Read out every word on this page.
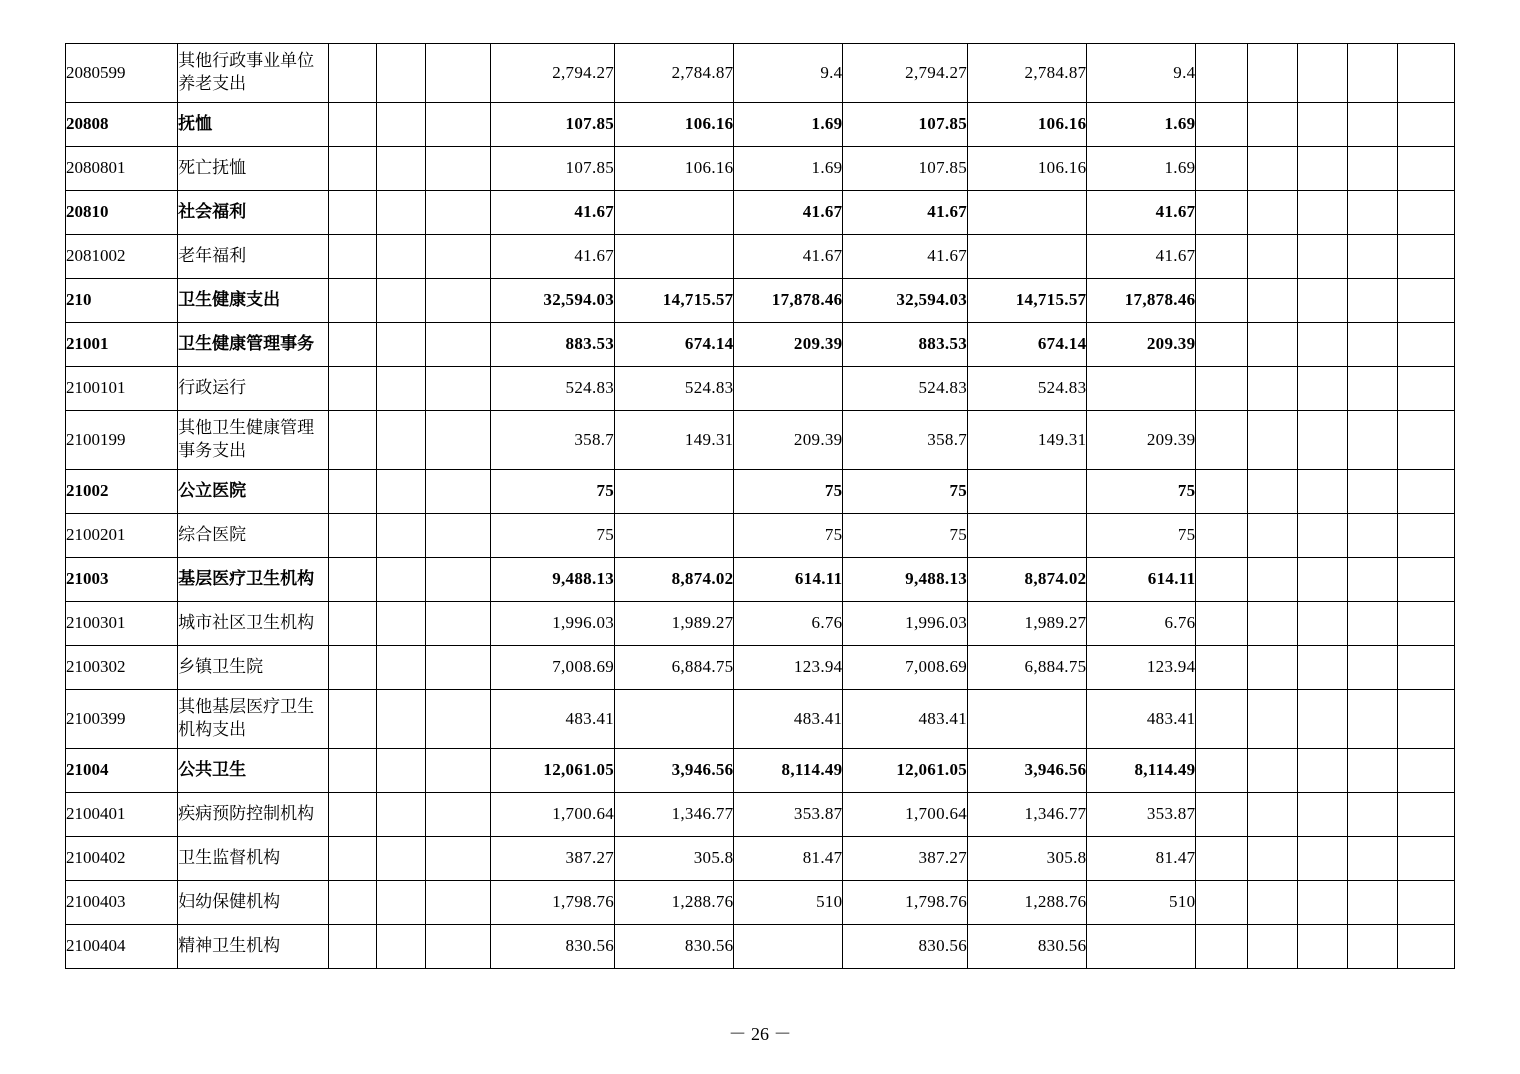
2080599	其他行政事业单位养老支出				2,794.27	2,784.87	9.4	2,794.27	2,784.87	9.4					
20808	抚恤				107.85	106.16	1.69	107.85	106.16	1.69					
2080801	死亡抚恤				107.85	106.16	1.69	107.85	106.16	1.69					
20810	社会福利				41.67		41.67	41.67		41.67					
2081002	老年福利				41.67		41.67	41.67		41.67					
210	卫生健康支出				32,594.03	14,715.57	17,878.46	32,594.03	14,715.57	17,878.46					
21001	卫生健康管理事务				883.53	674.14	209.39	883.53	674.14	209.39					
2100101	行政运行				524.83	524.83		524.83	524.83						
2100199	其他卫生健康管理事务支出				358.7	149.31	209.39	358.7	149.31	209.39					
21002	公立医院				75		75	75		75					
2100201	综合医院				75		75	75		75					
21003	基层医疗卫生机构				9,488.13	8,874.02	614.11	9,488.13	8,874.02	614.11					
2100301	城市社区卫生机构				1,996.03	1,989.27	6.76	1,996.03	1,989.27	6.76					
2100302	乡镇卫生院				7,008.69	6,884.75	123.94	7,008.69	6,884.75	123.94					
2100399	其他基层医疗卫生机构支出				483.41		483.41	483.41		483.41					
21004	公共卫生				12,061.05	3,946.56	8,114.49	12,061.05	3,946.56	8,114.49					
2100401	疾病预防控制机构				1,700.64	1,346.77	353.87	1,700.64	1,346.77	353.87					
2100402	卫生监督机构				387.27	305.8	81.47	387.27	305.8	81.47					
2100403	妇幼保健机构				1,798.76	1,288.76	510	1,798.76	1,288.76	510					
2100404	精神卫生机构				830.56	830.56		830.56	830.56						
－ 26 －
